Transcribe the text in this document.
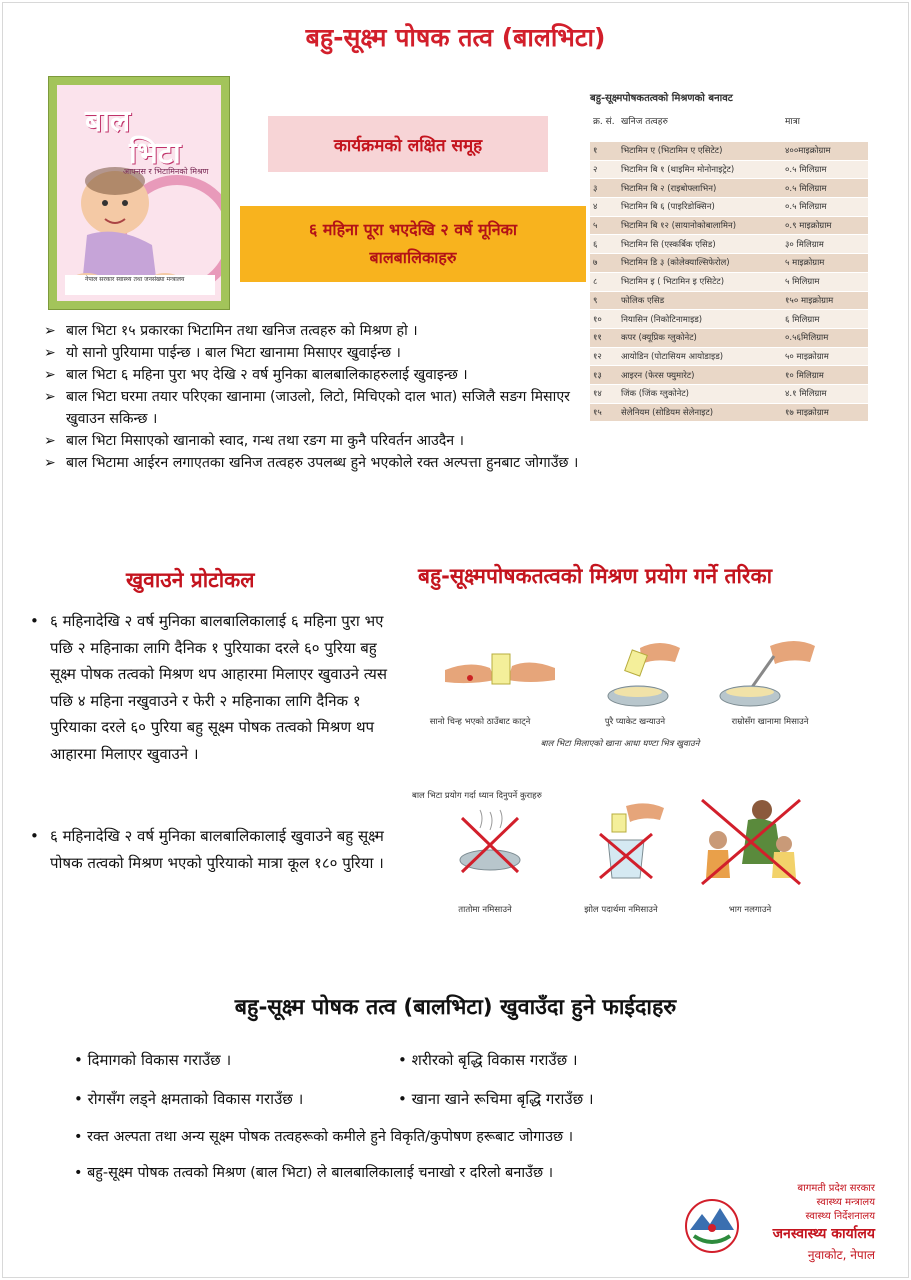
बहु-सूक्ष्म पोषक तत्व (बालभिटा)
बाल
भिटा
आफ्नस र भिटामिनको मिश्रण
नेपाल सरकार स्वास्थ्य तथा जनसंख्या मन्त्रालय
कार्यक्रमको लक्षित समूह
६ महिना पूरा भएदेखि २ वर्ष मूनिका
बालबालिकाहरु
बहु-सूक्ष्मपोषकतत्वको मिश्रणको बनावट
क्र. सं.	खनिज तत्वहरु	मात्रा
१	भिटामिन ए (भिटामिन ए एसिटेट)	४००माइक्रोग्राम
२	भिटामिन बि १ (थाइमिन मोनोनाइट्रेट)	०.५ मिलिग्राम
३	भिटामिन बि २ (राइबोफ्लाभिन)	०.५ मिलिग्राम
४	भिटामिन बि ६ (पाइरिडोक्सिन)	०.५ मिलिग्राम
५	भिटामिन बि १२ (सायानोकोबालामिन)	०.९ माइक्रोग्राम
६	भिटामिन सि (एस्कर्बिक एसिड)	३० मिलिग्राम
७	भिटामिन डि ३ (कोलेक्याल्सिफेरोल)	५ माइक्रोग्राम
८	भिटामिन इ ( भिटामिन इ एसिटेट)	५ मिलिग्राम
९	फोलिक एसिड	१५० माइक्रोग्राम
१०	नियासिन (निकोटिनामाइड)	६ मिलिग्राम
११	कपर (क्यूप्रिक ग्लुकोनेट)	०.५६मिलिग्राम
१२	आयोडिन (पोटासियम आयोडाइड)	५० माइक्रोग्राम
१३	आइरन (फेरस फ्युमारेट)	१० मिलिग्राम
१४	जिंक (जिंक ग्लुकोनेट)	४.१ मिलिग्राम
१५	सेलेनियम (सोडियम सेलेनाइट)	१७ माइक्रोग्राम
➢ बाल भिटा १५ प्रकारका भिटामिन तथा खनिज तत्वहरु को मिश्रण हो ।
➢ यो सानो पुरियामा पाईन्छ । बाल भिटा खानामा मिसाएर खुवाईन्छ ।
➢ बाल भिटा ६ महिना पुरा भए देखि २ वर्ष मुनिका बालबालिकाहरुलाई खुवाइन्छ ।
➢ बाल भिटा घरमा तयार परिएका खानामा (जाउलो, लिटो, मिचिएको दाल भात) सजिलै सङग मिसाएर खुवाउन सकिन्छ ।
➢ बाल भिटा मिसाएको खानाको स्वाद, गन्ध तथा रङग मा कुनै परिवर्तन आउदैन ।
➢ बाल भिटामा आईरन लगाएतका खनिज तत्वहरु उपलब्ध हुने भएकोले रक्त अल्पत्ता हुनबाट जोगाउँछ ।
खुवाउने प्रोटोकल
• ६ महिनादेखि २ वर्ष मुनिका बालबालिकालाई ६ महिना पुरा भए पछि २ महिनाका लागि दैनिक १ पुरियाका दरले ६० पुरिया बहु सूक्ष्म पोषक तत्वको मिश्रण थप आहारमा मिलाएर खुवाउने त्यस पछि ४ महिना नखुवाउने र फेरी २ महिनाका लागि दैनिक १ पुरियाका दरले ६० पुरिया बहु सूक्ष्म पोषक तत्वको मिश्रण थप आहारमा मिलाएर खुवाउने ।
• ६ महिनादेखि २ वर्ष मुनिका बालबालिकालाई खुवाउने बहु सूक्ष्म पोषक तत्वको मिश्रण भएको पुरियाको मात्रा कूल १८० पुरिया ।
बहु-सूक्ष्मपोषकतत्वको मिश्रण प्रयोग गर्ने तरिका
सानो चिन्ह भएको ठाउँबाट काट्ने	पुरै प्याकेट खन्याउने	राम्रोसँग खानामा मिसाउने
बाल भिटा मिलाएको खाना आधा घण्टा भित्र खुवाउने
बाल भिटा प्रयोग गर्दा ध्यान दिनुपर्ने कुराहरु
तातोमा नमिसाउने	झोल पदार्थमा नमिसाउने	भाग नलगाउने
बहु-सूक्ष्म पोषक तत्व (बालभिटा) खुवाउँदा हुने फाईदाहरु
• दिमागको विकास गराउँछ ।	• शरीरको बृद्धि विकास गराउँछ ।
• रोगसँग लड्ने क्षमताको विकास गराउँछ ।	• खाना खाने रूचिमा बृद्धि गराउँछ ।
• रक्त अल्पता तथा अन्य सूक्ष्म पोषक तत्वहरूको कमीले हुने विकृति/कुपोषण हरूबाट जोगाउछ ।
• बहु-सूक्ष्म पोषक तत्वको मिश्रण (बाल भिटा) ले बालबालिकालाई चनाखो र दरिलो बनाउँछ ।
बागमती प्रदेश सरकार
स्वास्थ्य मन्त्रालय
स्वास्थ्य निर्देशनालय
जनस्वास्थ्य कार्यालय
नुवाकोट, नेपाल
